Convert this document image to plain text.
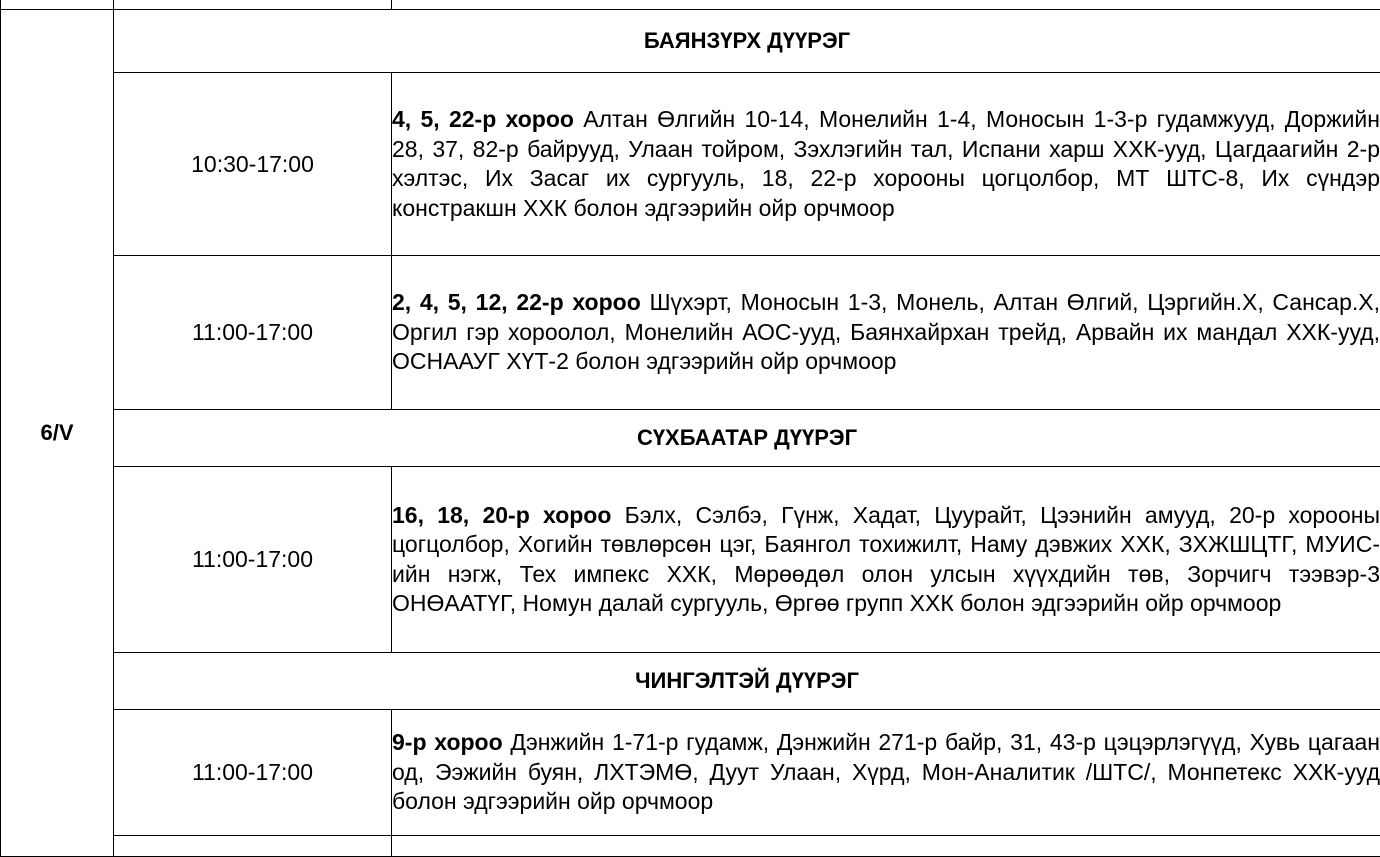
6/V	БАЯНЗҮРХ ДҮҮРЭГ	
	10:30-17:00	4, 5, 22-р хороо Алтан Өлгийн 10-14, Монелийн 1-4, Моносын 1-3-р гудамжууд, Доржийн 28, 37, 82-р байрууд, Улаан тойром, Зэхлэгийн тал, Испани харш ХХК-ууд, Цагдаагийн 2-р хэлтэс, Их Засаг их сургууль, 18, 22-р хорооны цогцолбор, МТ ШТС-8, Их сүндэр констракшн ХХК болон эдгээрийн ойр орчмоор
	11:00-17:00	2, 4, 5, 12, 22-р хороо Шүхэрт, Моносын 1-3, Монель, Алтан Өлгий, Цэргийн.Х, Сансар.Х, Оргил гэр хороолол, Монелийн АОС-ууд, Баянхайрхан трейд, Арвайн их мандал ХХК-ууд, ОСНААУГ ХҮТ-2 болон эдгээрийн ойр орчмоор
	СҮХБААТАР ДҮҮРЭГ	
	11:00-17:00	16, 18, 20-р хороо Бэлх, Сэлбэ, Гүнж, Хадат, Цуурайт, Цээнийн амууд, 20-р хорооны цогцолбор, Хогийн төвлөрсөн цэг, Баянгол тохижилт, Наму дэвжих ХХК, ЗХЖШЦТГ, МУИС-ийн нэгж, Тех импекс ХХК, Мөрөөдөл олон улсын хүүхдийн төв, Зорчигч тээвэр-3 ОНӨААТҮГ, Номун далай сургууль, Өргөө групп ХХК болон эдгээрийн ойр орчмоор
	ЧИНГЭЛТЭЙ ДҮҮРЭГ	
	11:00-17:00	9-р хороо Дэнжийн 1-71-р гудамж, Дэнжийн 271-р байр, 31, 43-р цэцэрлэгүүд, Хувь цагаан од, Ээжийн буян, ЛХТЭМӨ, Дуут Улаан, Хүрд, Мон-Аналитик /ШТС/, Монпетекс ХХК-ууд болон эдгээрийн ойр орчмоор
